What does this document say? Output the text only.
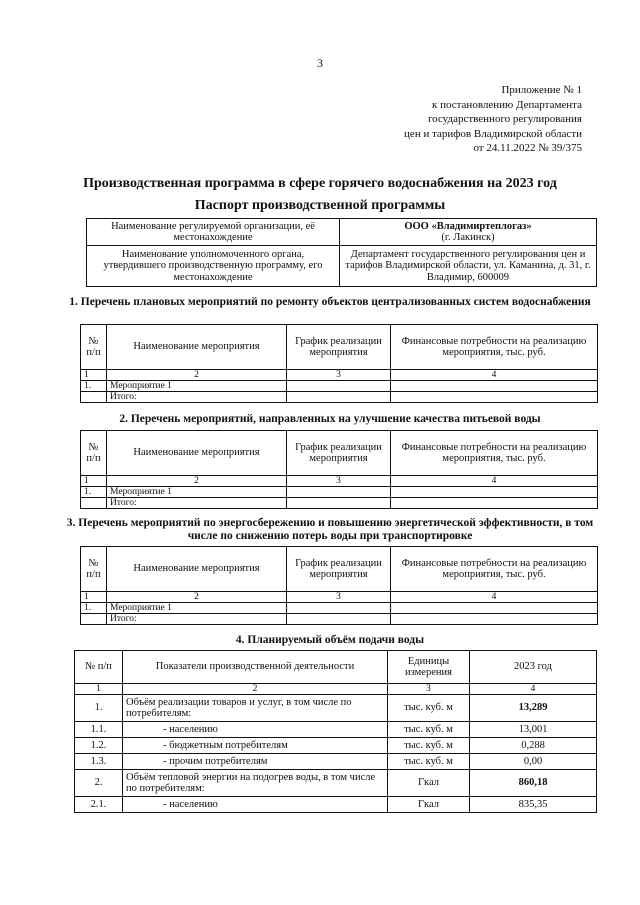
3
Приложение № 1
к постановлению Департамента
государственного регулирования
цен и тарифов Владимирской области
от 24.11.2022 № 39/375
Производственная программа в сфере горячего водоснабжения на 2023 год
Паспорт производственной программы
Наименование регулируемой организации, её местонахождение	ООО «Владимиртеплогаз»
(г. Лакинск)

Наименование уполномоченного органа, утвердившего производственную программу, его местонахождение	Департамент государственного регулирования цен и тарифов Владимирской области, ул. Каманина, д. 31, г. Владимир, 600009
1. Перечень плановых мероприятий по ремонту объектов централизованных систем водоснабжения
№ п/п	Наименование мероприятия	График реализации мероприятия	Финансовые потребности на реализацию мероприятия, тыс. руб.
1	2	3	4
1.	Мероприятие 1		
	Итого:		
2. Перечень мероприятий, направленных на улучшение качества питьевой воды
№ п/п	Наименование мероприятия	График реализации мероприятия	Финансовые потребности на реализацию мероприятия, тыс. руб.
1	2	3	4
1.	Мероприятие 1		
	Итого:		
3. Перечень мероприятий по энергосбережению и повышению энергетической эффективности, в том числе по снижению потерь воды при транспортировке
№ п/п	Наименование мероприятия	График реализации мероприятия	Финансовые потребности на реализацию мероприятия, тыс. руб.
1	2	3	4
1.	Мероприятие 1		
	Итого:		
4. Планируемый объём подачи воды
№ п/п	Показатели производственной деятельности	Единицы измерения	2023 год
1	2	3	4
1.	Объём реализации товаров и услуг, в том числе по потребителям:	тыс. куб. м	13,289
1.1.	- населению	тыс. куб. м	13,001
1.2.	- бюджетным потребителям	тыс. куб. м	0,288
1.3.	- прочим потребителям	тыс. куб. м	0,00
2.	Объём тепловой энергии на подогрев воды, в том числе по потребителям:	Гкал	860,18
2.1.	- населению	Гкал	835,35
